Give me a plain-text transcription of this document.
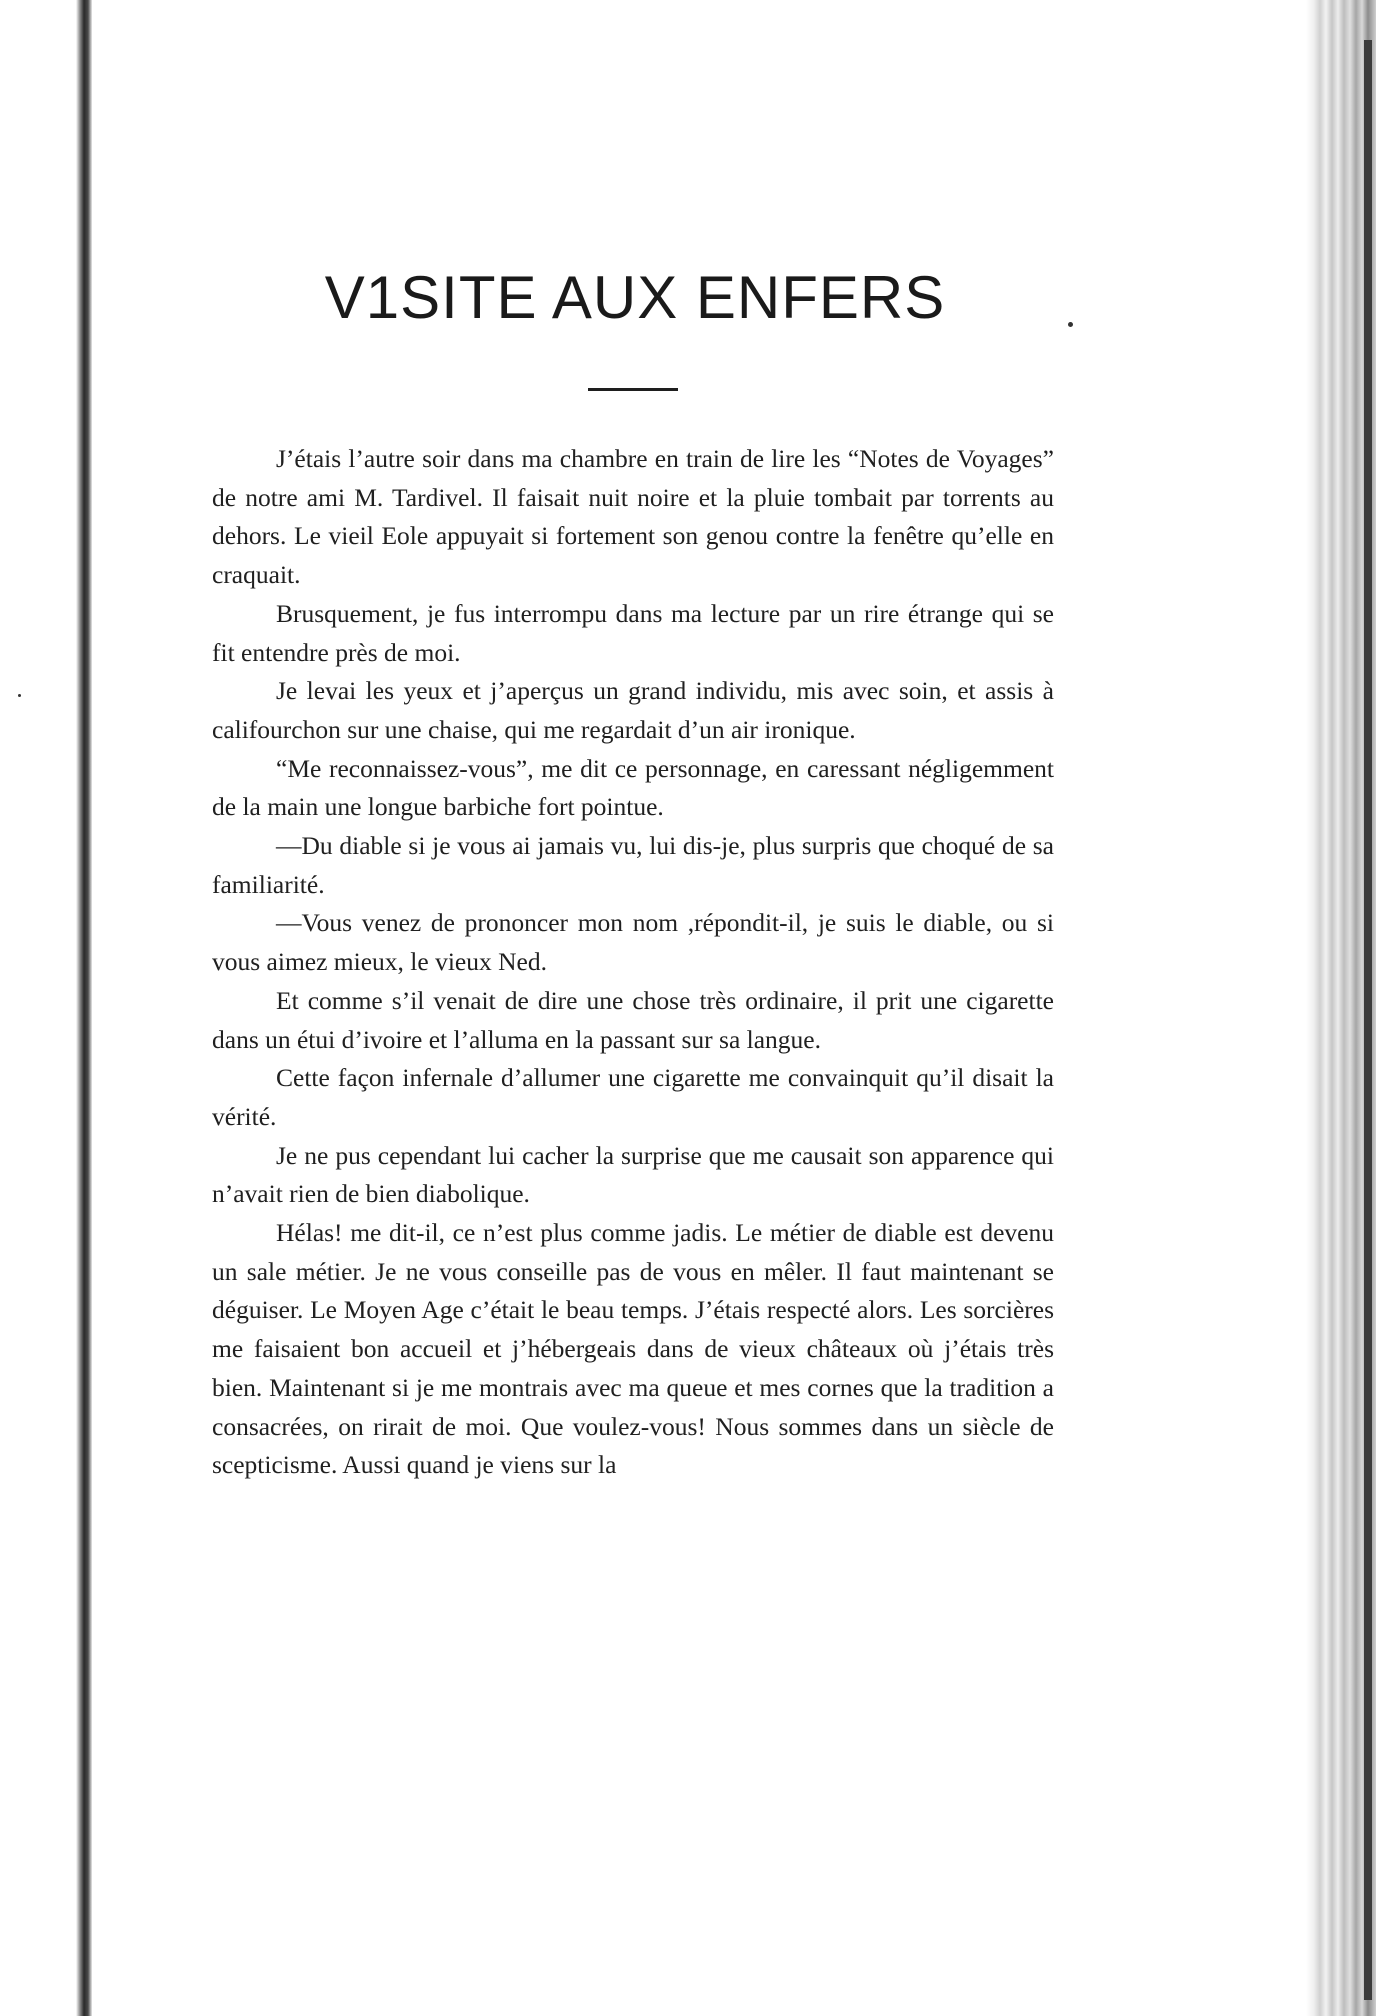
V1SITE AUX ENFERS

J’étais l’autre soir dans ma chambre en train de lire les “Notes de Voyages” de notre ami M. Tardivel. Il faisait nuit noire et la pluie tombait par torrents au dehors. Le vieil Eole appuyait si fortement son genou contre la fenêtre qu’elle en craquait.

Brusquement, je fus interrompu dans ma lecture par un rire étrange qui se fit entendre près de moi.

Je levai les yeux et j’aperçus un grand individu, mis avec soin, et assis à califourchon sur une chaise, qui me regardait d’un air ironique.

“Me reconnaissez-vous”, me dit ce personnage, en caressant négligemment de la main une longue barbiche fort pointue.

—Du diable si je vous ai jamais vu, lui dis-je, plus surpris que choqué de sa familiarité.

—Vous venez de prononcer mon nom ,répondit-il, je suis le diable, ou si vous aimez mieux, le vieux Ned.

Et comme s’il venait de dire une chose très ordinaire, il prit une cigarette dans un étui d’ivoire et l’alluma en la passant sur sa langue.

Cette façon infernale d’allumer une cigarette me convainquit qu’il disait la vérité.

Je ne pus cependant lui cacher la surprise que me causait son apparence qui n’avait rien de bien diabolique.

Hélas! me dit-il, ce n’est plus comme jadis. Le métier de diable est devenu un sale métier. Je ne vous conseille pas de vous en mêler. Il faut maintenant se déguiser. Le Moyen Age c’était le beau temps. J’étais respecté alors. Les sorcières me faisaient bon accueil et j’hébergeais dans de vieux châteaux où j’étais très bien. Maintenant si je me montrais avec ma queue et mes cornes que la tradition a consacrées, on rirait de moi. Que voulez-vous! Nous sommes dans un siècle de scepticisme. Aussi quand je viens sur la
